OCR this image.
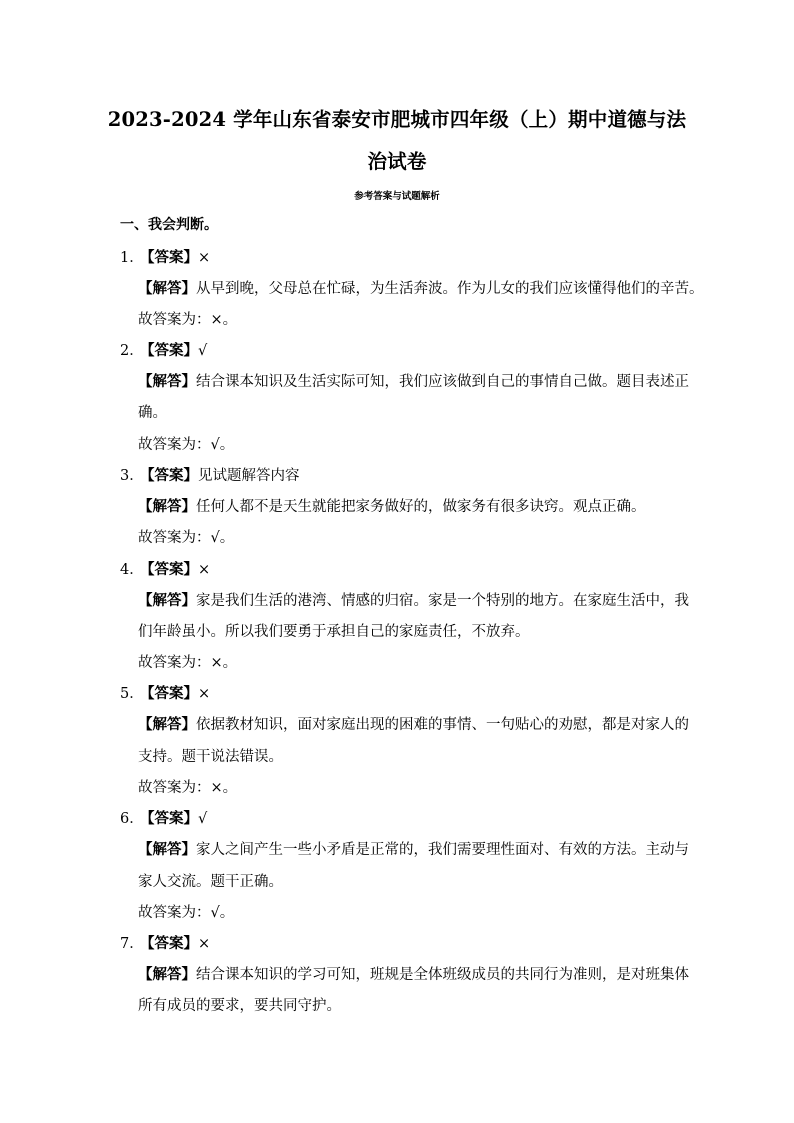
2023-2024 学年山东省泰安市肥城市四年级（上）期中道德与法
治试卷
参考答案与试题解析
一、我会判断。
1．【答案】×
【解答】从早到晚，父母总在忙碌，为生活奔波。作为儿女的我们应该懂得他们的辛苦。
故答案为：×。
2．【答案】√
【解答】结合课本知识及生活实际可知，我们应该做到自己的事情自己做。题目表述正
确。
故答案为：√。
3．【答案】见试题解答内容
【解答】任何人都不是天生就能把家务做好的，做家务有很多诀窍。观点正确。
故答案为：√。
4．【答案】×
【解答】家是我们生活的港湾、情感的归宿。家是一个特别的地方。在家庭生活中，我
们年龄虽小。所以我们要勇于承担自己的家庭责任，不放弃。
故答案为：×。
5．【答案】×
【解答】依据教材知识，面对家庭出现的困难的事情、一句贴心的劝慰，都是对家人的
支持。题干说法错误。
故答案为：×。
6．【答案】√
【解答】家人之间产生一些小矛盾是正常的，我们需要理性面对、有效的方法。主动与
家人交流。题干正确。
故答案为：√。
7．【答案】×
【解答】结合课本知识的学习可知，班规是全体班级成员的共同行为准则，是对班集体
所有成员的要求，要共同守护。
